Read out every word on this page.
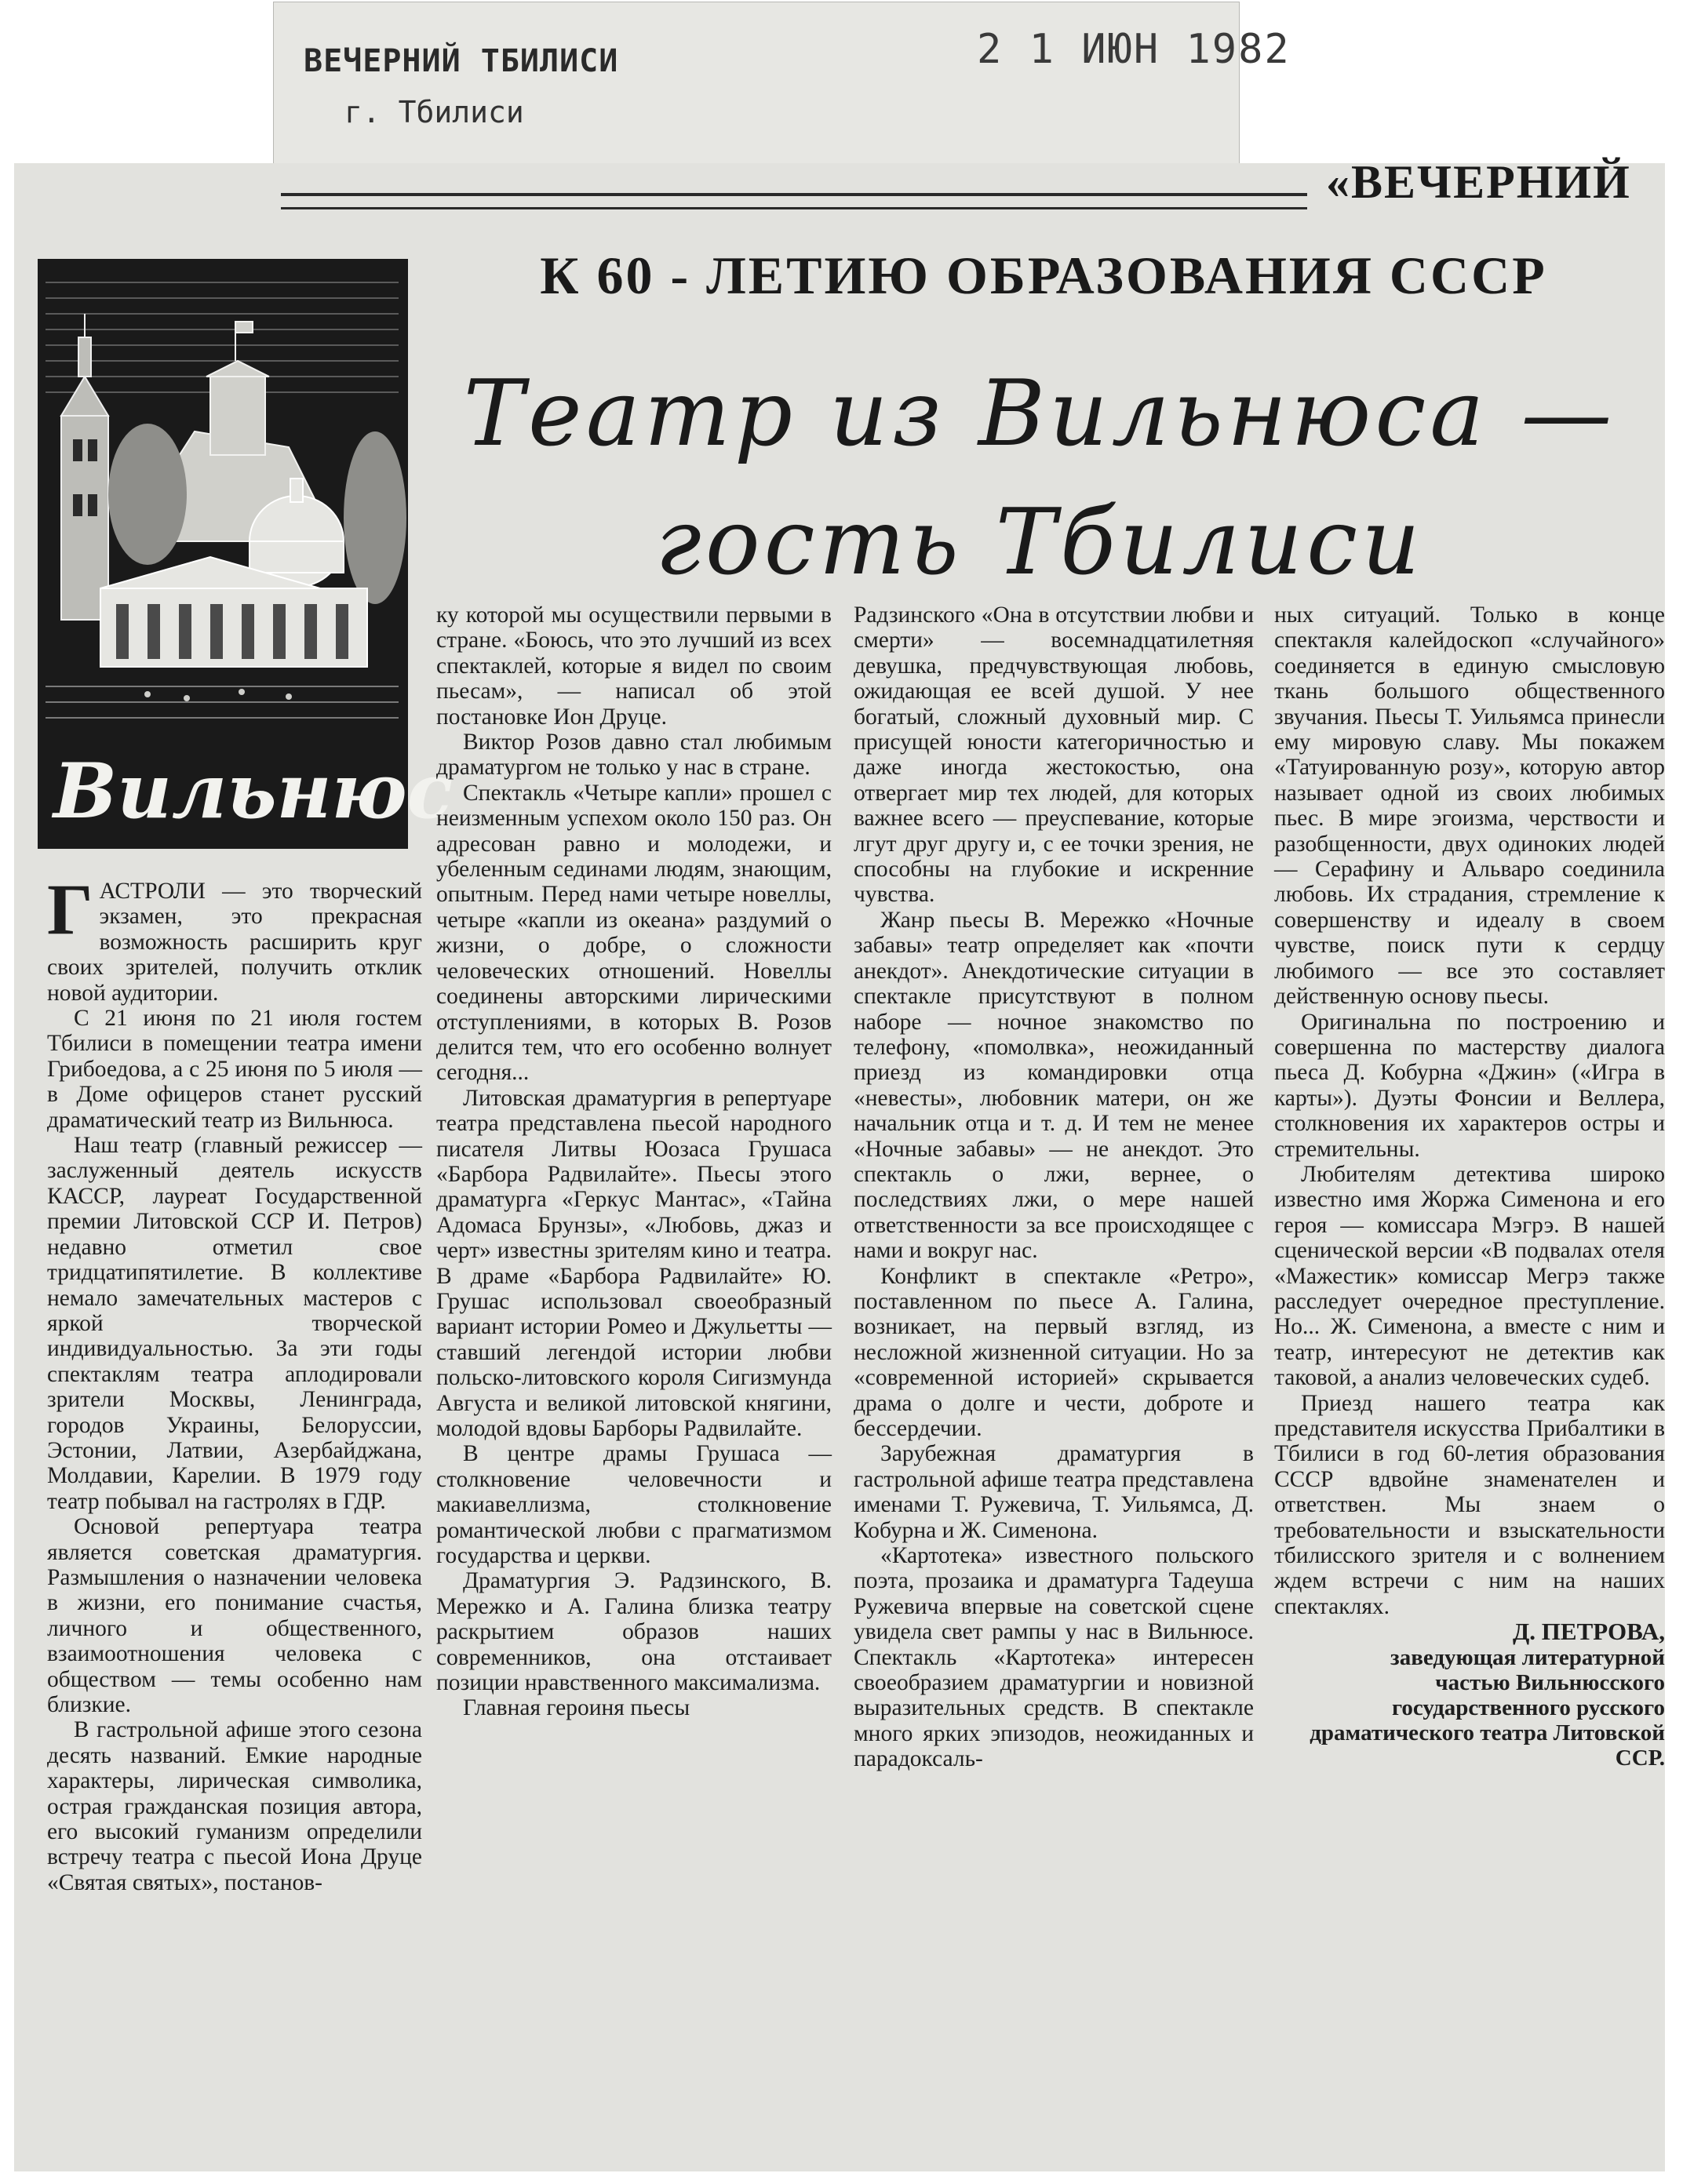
ВЕЧЕРНИЙ ТБИЛИСИ
г. Тбилиси
2 1 ИЮН 1982
«ВЕЧЕРНИЙ
К 60 - ЛЕТИЮ ОБРАЗОВАНИЯ СССР
Театр из Вильнюса —
гость Тбилиси
Вильнюс

ГАСТРОЛИ — это творческий экзамен, это прекрасная возможность расширить круг своих зрителей, получить отклик новой аудитории.

С 21 июня по 21 июля гостем Тбилиси в помещении театра имени Грибоедова, а с 25 июня по 5 июля — в Доме офицеров станет русский драматический театр из Вильнюса.

Наш театр (главный режиссер — заслуженный деятель искусств КАССР, лауреат Государственной премии Литовской ССР И. Петров) недавно отметил свое тридцатипятилетие. В коллективе немало замечательных мастеров с яркой творческой индивидуальностью. За эти годы спектаклям театра аплодировали зрители Москвы, Ленинграда, городов Украины, Белоруссии, Эстонии, Латвии, Азербайджана, Молдавии, Карелии. В 1979 году театр побывал на гастролях в ГДР.

Основой репертуара театра является советская драматургия. Размышления о назначении человека в жизни, его понимание счастья, личного и общественного, взаимоотношения человека с обществом — темы особенно нам близкие.

В гастрольной афише этого сезона десять названий. Емкие народные характеры, лирическая символика, острая гражданская позиция автора, его высокий гуманизм определили встречу театра с пьесой Иона Друце «Святая святых», постанов-

ку которой мы осуществили первыми в стране. «Боюсь, что это лучший из всех спектаклей, которые я видел по своим пьесам», — написал об этой постановке Ион Друце.

Виктор Розов давно стал любимым драматургом не только у нас в стране.

Спектакль «Четыре капли» прошел с неизменным успехом около 150 раз. Он адресован равно и молодежи, и убеленным сединами людям, знающим, опытным. Перед нами четыре новеллы, четыре «капли из океана» раздумий о жизни, о добре, о сложности человеческих отношений. Новеллы соединены авторскими лирическими отступлениями, в которых В. Розов делится тем, что его особенно волнует сегодня...

Литовская драматургия в репертуаре театра представлена пьесой народного писателя Литвы Юозаса Грушаса «Барбора Радвилайте». Пьесы этого драматурга «Геркус Мантас», «Тайна Адомаса Брунзы», «Любовь, джаз и черт» известны зрителям кино и театра. В драме «Барбора Радвилайте» Ю. Грушас использовал своеобразный вариант истории Ромео и Джульетты — ставший легендой истории любви польско-литовского короля Сигизмунда Августа и великой литовской княгини, молодой вдовы Барборы Радвилайте.

В центре драмы Грушаса — столкновение человечности и макиавеллизма, столкновение романтической любви с прагматизмом государства и церкви.

Драматургия Э. Радзинского, В. Мережко и А. Галина близка театру раскрытием образов наших современников, она отстаивает позиции нравственного максимализма.

Главная героиня пьесы

Радзинского «Она в отсутствии любви и смерти» — восемнадцатилетняя девушка, предчувствующая любовь, ожидающая ее всей душой. У нее богатый, сложный духовный мир. С присущей юности категоричностью и даже иногда жестокостью, она отвергает мир тех людей, для которых важнее всего — преуспевание, которые лгут друг другу и, с ее точки зрения, не способны на глубокие и искренние чувства.

Жанр пьесы В. Мережко «Ночные забавы» театр определяет как «почти анекдот». Анекдотические ситуации в спектакле присутствуют в полном наборе — ночное знакомство по телефону, «помолвка», неожиданный приезд из командировки отца «невесты», любовник матери, он же начальник отца и т. д. И тем не менее «Ночные забавы» — не анекдот. Это спектакль о лжи, вернее, о последствиях лжи, о мере нашей ответственности за все происходящее с нами и вокруг нас.

Конфликт в спектакле «Ретро», поставленном по пьесе А. Галина, возникает, на первый взгляд, из несложной жизненной ситуации. Но за «современной историей» скрывается драма о долге и чести, доброте и бессердечии.

Зарубежная драматургия в гастрольной афише театра представлена именами Т. Ружевича, Т. Уильямса, Д. Кобурна и Ж. Сименона.

«Картотека» известного польского поэта, прозаика и драматурга Тадеуша Ружевича впервые на советской сцене увидела свет рампы у нас в Вильнюсе. Спектакль «Картотека» интересен своеобразием драматургии и новизной выразительных средств. В спектакле много ярких эпизодов, неожиданных и парадоксаль-

ных ситуаций. Только в конце спектакля калейдоскоп «случайного» соединяется в единую смысловую ткань большого общественного звучания. Пьесы Т. Уильямса принесли ему мировую славу. Мы покажем «Татуированную розу», которую автор называет одной из своих любимых пьес. В мире эгоизма, черствости и разобщенности, двух одиноких людей — Серафину и Альваро соединила любовь. Их страдания, стремление к совершенству и идеалу в своем чувстве, поиск пути к сердцу любимого — все это составляет действенную основу пьесы.

Оригинальна по построению и совершенна по мастерству диалога пьеса Д. Кобурна «Джин» («Игра в карты»). Дуэты Фонсии и Веллера, столкновения их характеров остры и стремительны.

Любителям детектива широко известно имя Жоржа Сименона и его героя — комиссара Мэгрэ. В нашей сценической версии «В подвалах отеля «Мажестик» комиссар Мегрэ также расследует очередное преступление. Но... Ж. Сименона, а вместе с ним и театр, интересуют не детектив как таковой, а анализ человеческих судеб.

Приезд нашего театра как представителя искусства Прибалтики в Тбилиси в год 60-летия образования СССР вдвойне знаменателен и ответствен. Мы знаем о требовательности и взыскательности тбилисского зрителя и с волнением ждем встречи с ним на наших спектаклях.

Д. ПЕТРОВА,

заведующая литературной частью Вильнюсского государственного русского драматического театра Литовской ССР.
